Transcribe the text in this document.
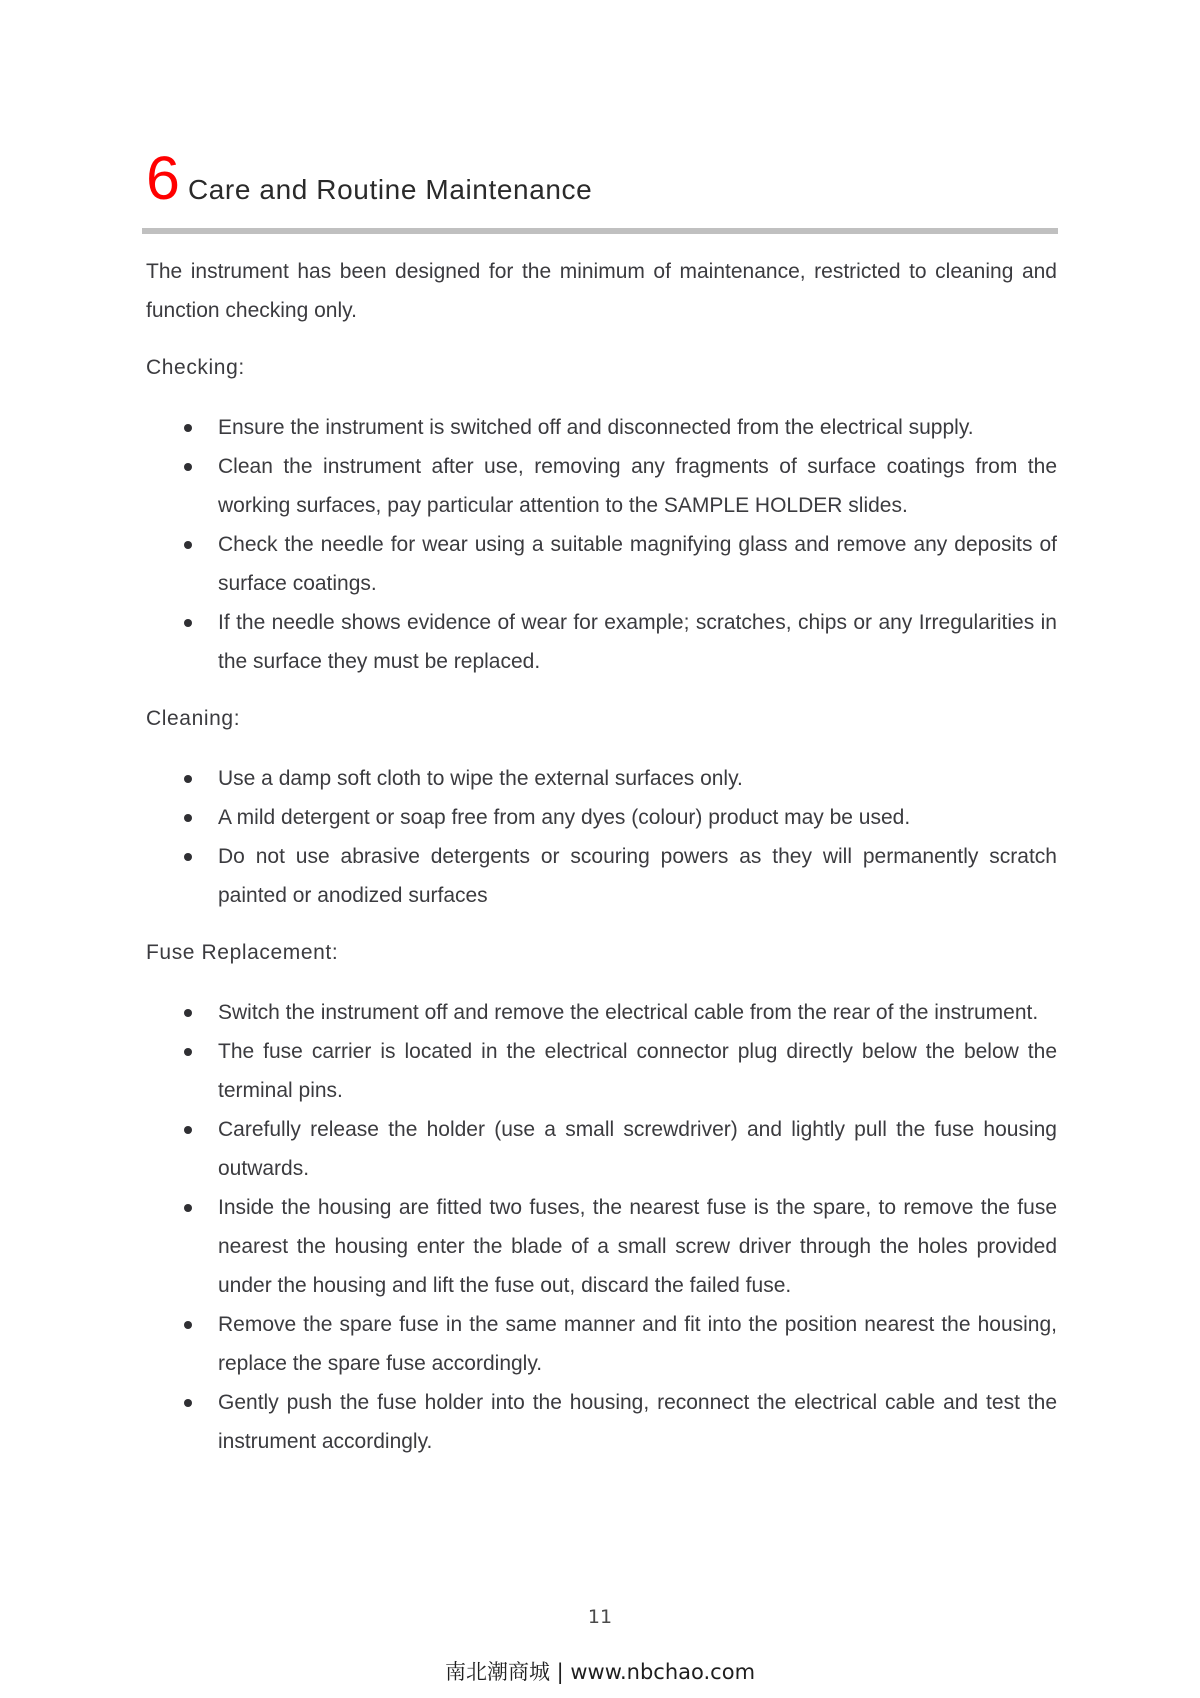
6 Care and Routine Maintenance

The instrument has been designed for the minimum of maintenance, restricted to cleaning and function checking only.

Checking:
Ensure the instrument is switched off and disconnected from the electrical supply.
Clean the instrument after use, removing any fragments of surface coatings from the working surfaces, pay particular attention to the SAMPLE HOLDER slides.
Check the needle for wear using a suitable magnifying glass and remove any deposits of surface coatings.
If the needle shows evidence of wear for example; scratches, chips or any Irregularities in the surface they must be replaced.
Cleaning:
Use a damp soft cloth to wipe the external surfaces only.
A mild detergent or soap free from any dyes (colour) product may be used.
Do not use abrasive detergents or scouring powers as they will permanently scratch painted or anodized surfaces
Fuse Replacement:
Switch the instrument off and remove the electrical cable from the rear of the instrument.
The fuse carrier is located in the electrical connector plug directly below the below the terminal pins.
Carefully release the holder (use a small screwdriver) and lightly pull the fuse housing outwards.
Inside the housing are fitted two fuses, the nearest fuse is the spare, to remove the fuse nearest the housing enter the blade of a small screw driver through the holes provided under the housing and lift the fuse out, discard the failed fuse.
Remove the spare fuse in the same manner and fit into the position nearest the housing, replace the spare fuse accordingly.
Gently push the fuse holder into the housing, reconnect the electrical cable and test the instrument accordingly.
11
南北潮商城 | www.nbchao.com
